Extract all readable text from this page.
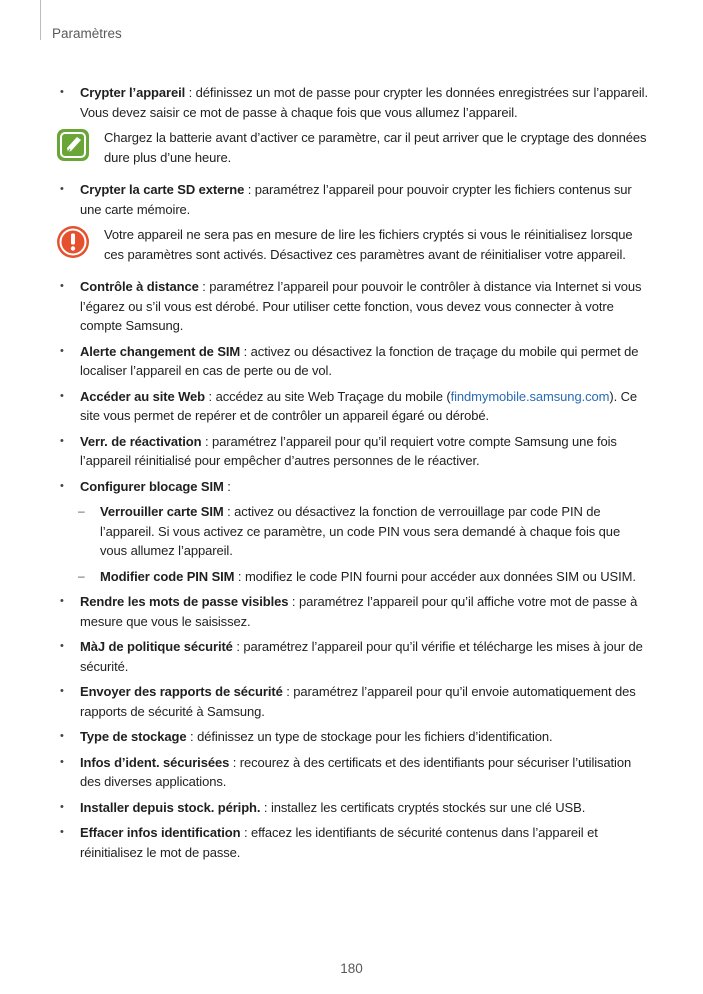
Paramètres
• Crypter l’appareil : définissez un mot de passe pour crypter les données enregistrées sur l’appareil. Vous devez saisir ce mot de passe à chaque fois que vous allumez l’appareil.
Chargez la batterie avant d’activer ce paramètre, car il peut arriver que le cryptage des données dure plus d’une heure.
• Crypter la carte SD externe : paramétrez l’appareil pour pouvoir crypter les fichiers contenus sur une carte mémoire.
Votre appareil ne sera pas en mesure de lire les fichiers cryptés si vous le réinitialisez lorsque ces paramètres sont activés. Désactivez ces paramètres avant de réinitialiser votre appareil.
• Contrôle à distance : paramétrez l’appareil pour pouvoir le contrôler à distance via Internet si vous l’égarez ou s’il vous est dérobé. Pour utiliser cette fonction, vous devez vous connecter à votre compte Samsung.
• Alerte changement de SIM : activez ou désactivez la fonction de traçage du mobile qui permet de localiser l’appareil en cas de perte ou de vol.
• Accéder au site Web : accédez au site Web Traçage du mobile (findmymobile.samsung.com). Ce site vous permet de repérer et de contrôler un appareil égaré ou dérobé.
• Verr. de réactivation : paramétrez l’appareil pour qu’il requiert votre compte Samsung une fois l’appareil réinitialisé pour empêcher d’autres personnes de le réactiver.
• Configurer blocage SIM :
– Verrouiller carte SIM : activez ou désactivez la fonction de verrouillage par code PIN de l’appareil. Si vous activez ce paramètre, un code PIN vous sera demandé à chaque fois que vous allumez l’appareil.
– Modifier code PIN SIM : modifiez le code PIN fourni pour accéder aux données SIM ou USIM.
• Rendre les mots de passe visibles : paramétrez l’appareil pour qu’il affiche votre mot de passe à mesure que vous le saisissez.
• MàJ de politique sécurité : paramétrez l’appareil pour qu’il vérifie et télécharge les mises à jour de sécurité.
• Envoyer des rapports de sécurité : paramétrez l’appareil pour qu’il envoie automatiquement des rapports de sécurité à Samsung.
• Type de stockage : définissez un type de stockage pour les fichiers d’identification.
• Infos d’ident. sécurisées : recourez à des certificats et des identifiants pour sécuriser l’utilisation des diverses applications.
• Installer depuis stock. périph. : installez les certificats cryptés stockés sur une clé USB.
• Effacer infos identification : effacez les identifiants de sécurité contenus dans l’appareil et réinitialisez le mot de passe.
180
